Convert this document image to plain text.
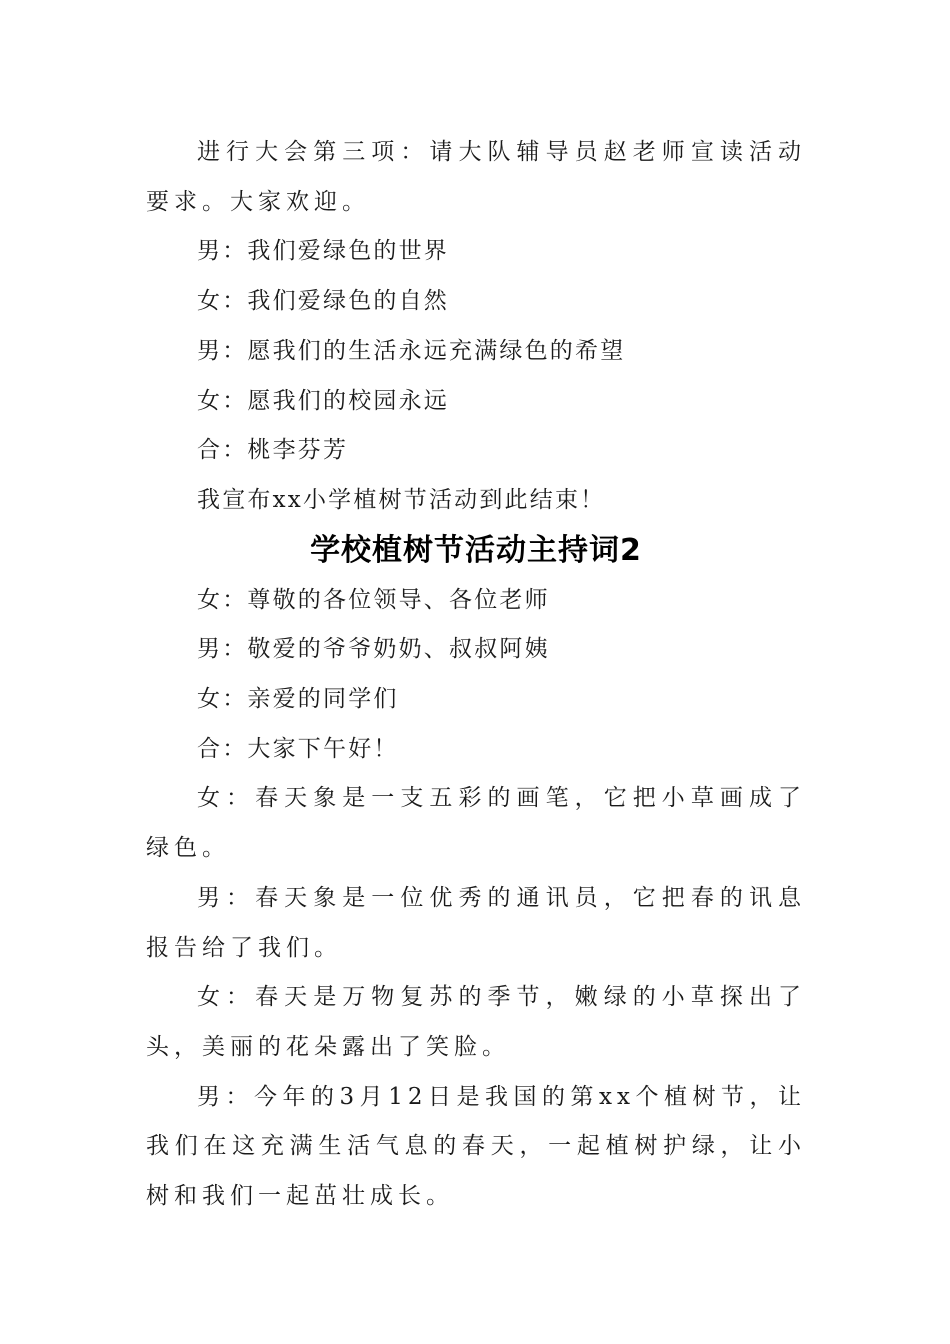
进行大会第三项：请大队辅导员赵老师宣读活动要求。大家欢迎。

男：我们爱绿色的世界

女：我们爱绿色的自然

男：愿我们的生活永远充满绿色的希望

女：愿我们的校园永远

合：桃李芬芳

我宣布xx小学植树节活动到此结束！

学校植树节活动主持词2

女：尊敬的各位领导、各位老师

男：敬爱的爷爷奶奶、叔叔阿姨

女：亲爱的同学们

合：大家下午好！

女：春天象是一支五彩的画笔，它把小草画成了绿色。

男：春天象是一位优秀的通讯员，它把春的讯息报告给了我们。

女：春天是万物复苏的季节，嫩绿的小草探出了头，美丽的花朵露出了笑脸。

男：今年的3月12日是我国的第xx个植树节，让我们在这充满生活气息的春天，一起植树护绿，让小树和我们一起茁壮成长。
